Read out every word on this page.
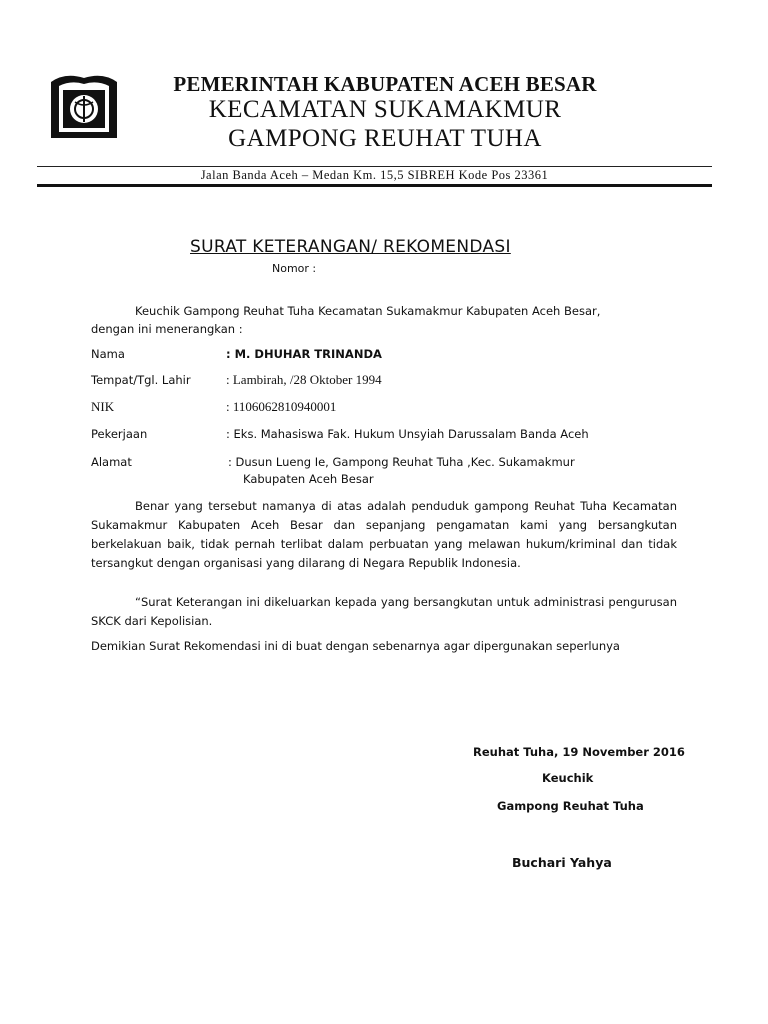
PEMERINTAH KABUPATEN ACEH BESAR
KECAMATAN SUKAMAKMUR
GAMPONG REUHAT TUHA
Jalan Banda Aceh – Medan Km. 15,5 SIBREH Kode Pos 23361
SURAT KETERANGAN/ REKOMENDASI
Nomor :
Keuchik Gampong Reuhat Tuha Kecamatan Sukamakmur Kabupaten Aceh Besar,
dengan ini menerangkan :
Nama	: M. DHUHAR TRINANDA
Tempat/Tgl. Lahir	: Lambirah, /28 Oktober 1994
NIK	: 1106062810940001
Pekerjaan	: Eks. Mahasiswa Fak. Hukum Unsyiah Darussalam Banda Aceh
Alamat	: Dusun Lueng Ie, Gampong Reuhat Tuha ,Kec. Sukamakmur
Kabupaten Aceh Besar
Benar yang tersebut namanya di atas adalah penduduk gampong Reuhat Tuha Kecamatan Sukamakmur Kabupaten Aceh Besar dan sepanjang pengamatan kami yang bersangkutan berkelakuan baik, tidak pernah terlibat dalam perbuatan yang melawan hukum/kriminal dan tidak tersangkut dengan organisasi yang dilarang di Negara Republik Indonesia.
“Surat Keterangan ini dikeluarkan kepada yang bersangkutan untuk administrasi pengurusan SKCK dari Kepolisian.
Demikian Surat Rekomendasi ini di buat dengan sebenarnya agar dipergunakan seperlunya
Reuhat Tuha, 19 November 2016
Keuchik
Gampong Reuhat Tuha
Buchari Yahya
